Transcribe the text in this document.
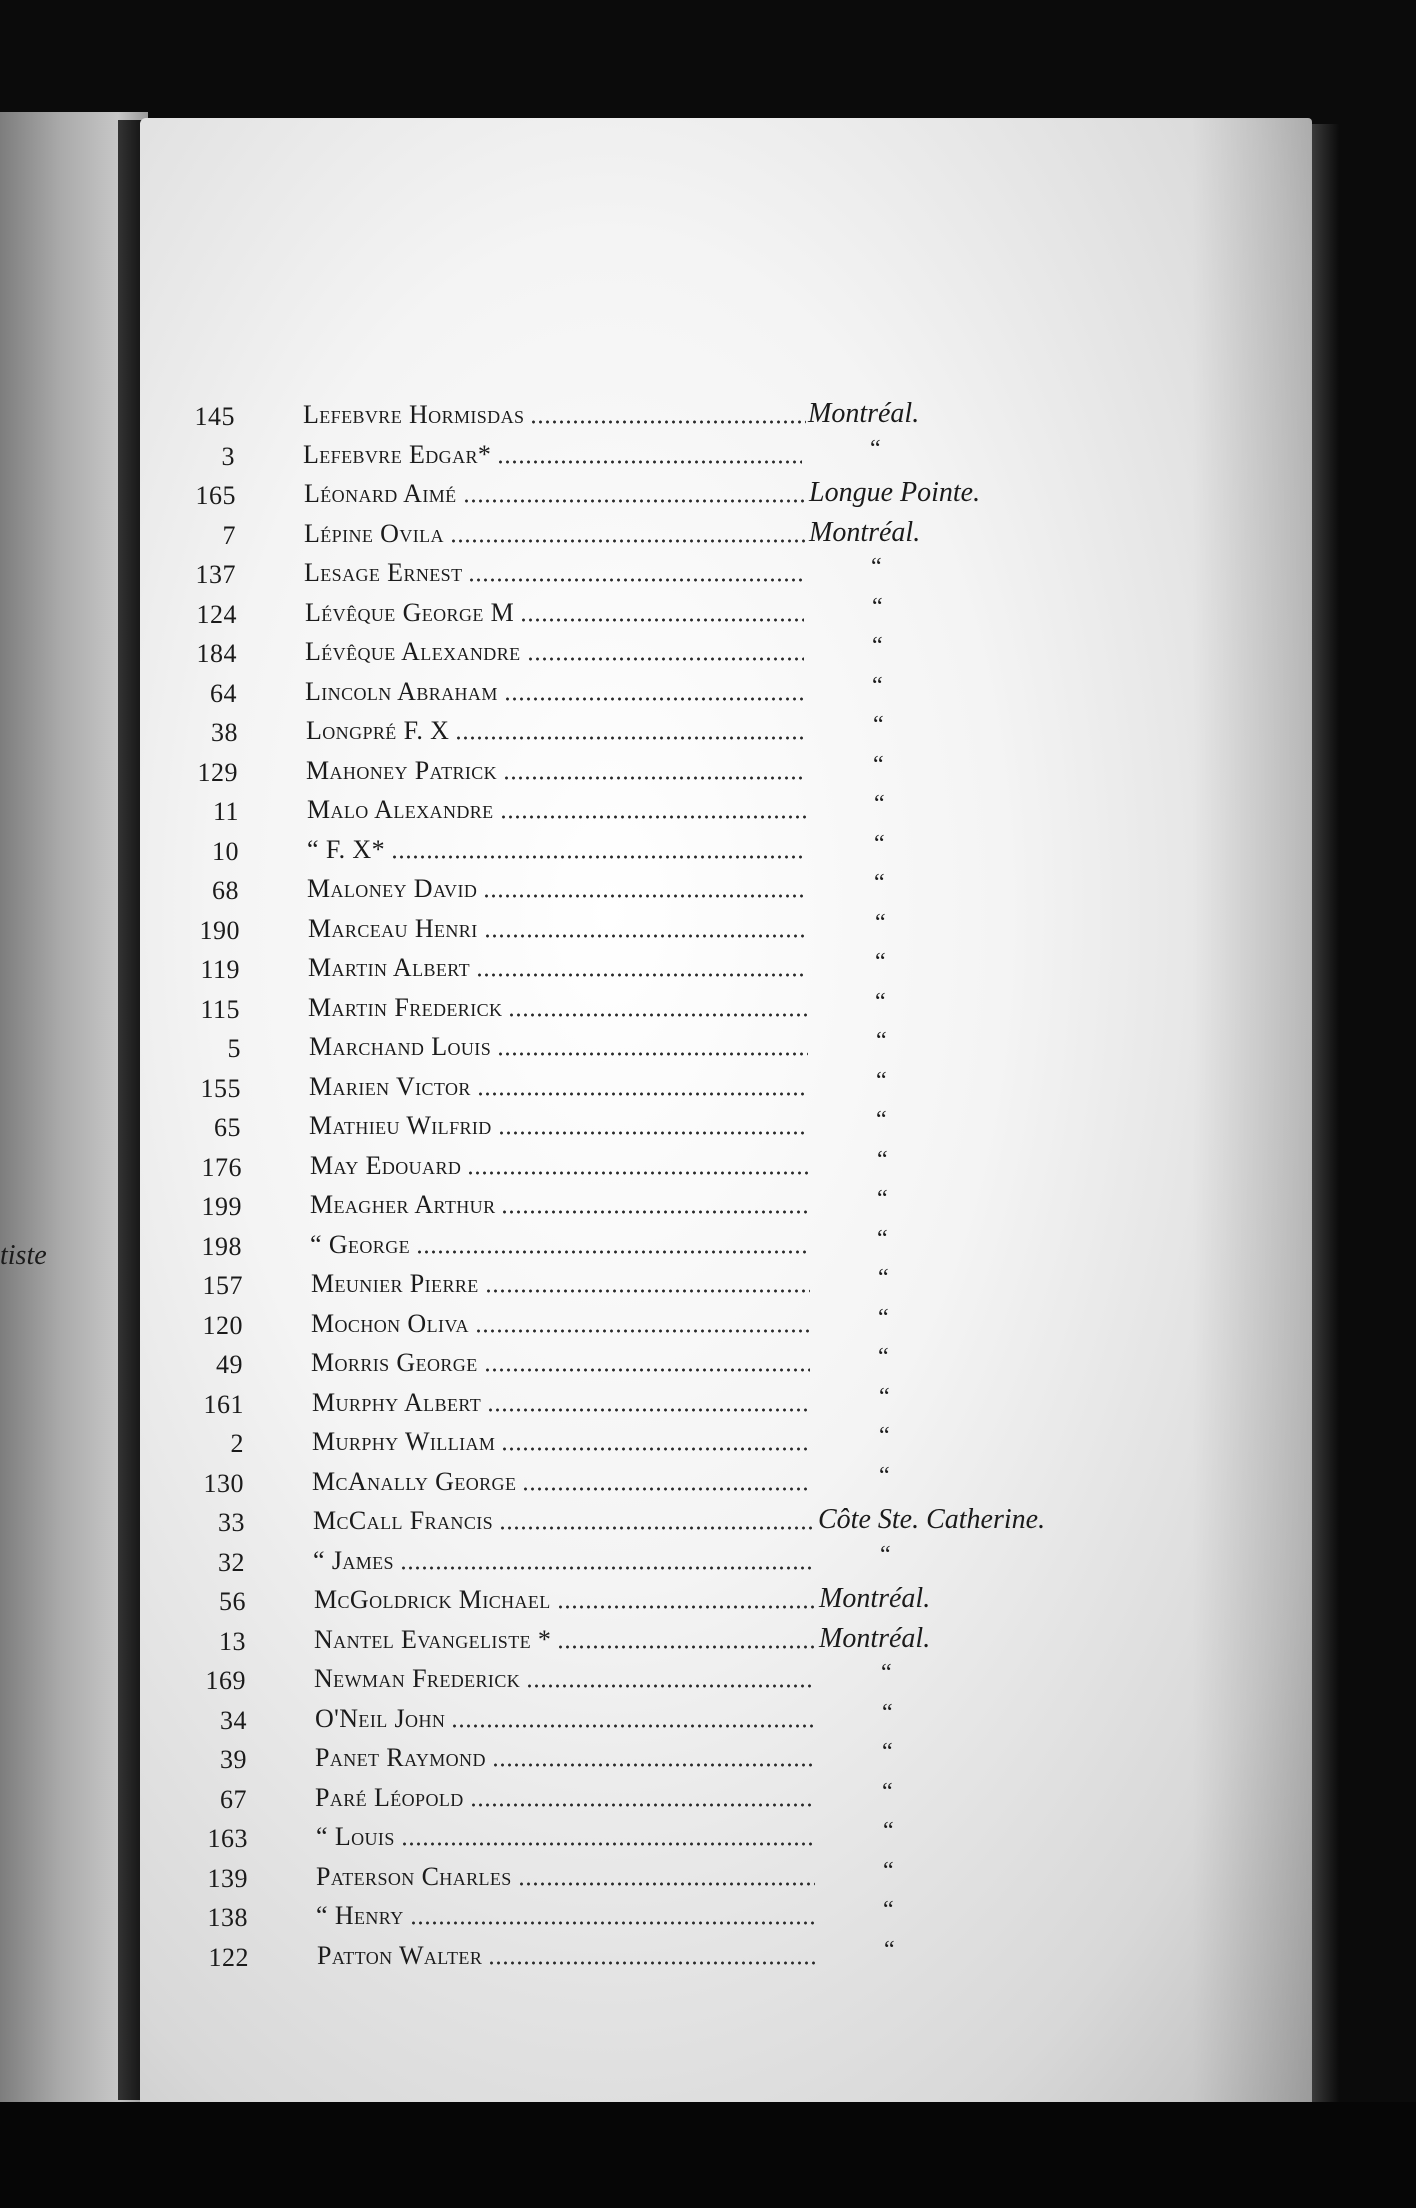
tiste
145	Lefebvre Hormisdas	Montréal.
3	Lefebvre Edgar*	“
165	Léonard Aimé	Longue Pointe.
7	Lépine Ovila	Montréal.
137	Lesage Ernest	“
124	Lévêque George M	“
184	Lévêque Alexandre	“
64	Lincoln Abraham	“
38	Longpré F. X	“
129	Mahoney Patrick	“
11	Malo Alexandre	“
10	“ F. X*	“
68	Maloney David	“
190	Marceau Henri	“
119	Martin Albert	“
115	Martin Frederick	“
5	Marchand Louis	“
155	Marien Victor	“
65	Mathieu Wilfrid	“
176	May Edouard	“
199	Meagher Arthur	“
198	“ George	“
157	Meunier Pierre	“
120	Mochon Oliva	“
49	Morris George	“
161	Murphy Albert	“
2	Murphy William	“
130	McAnally George	“
33	McCall Francis	Côte Ste. Catherine.
32	“ James	“
56	McGoldrick Michael	Montréal.
13	Nantel Evangeliste *	Montréal.
169	Newman Frederick	“
34	O'Neil John	“
39	Panet Raymond	“
67	Paré Léopold	“
163	“ Louis	“
139	Paterson Charles	“
138	“ Henry	“
122	Patton Walter	“
